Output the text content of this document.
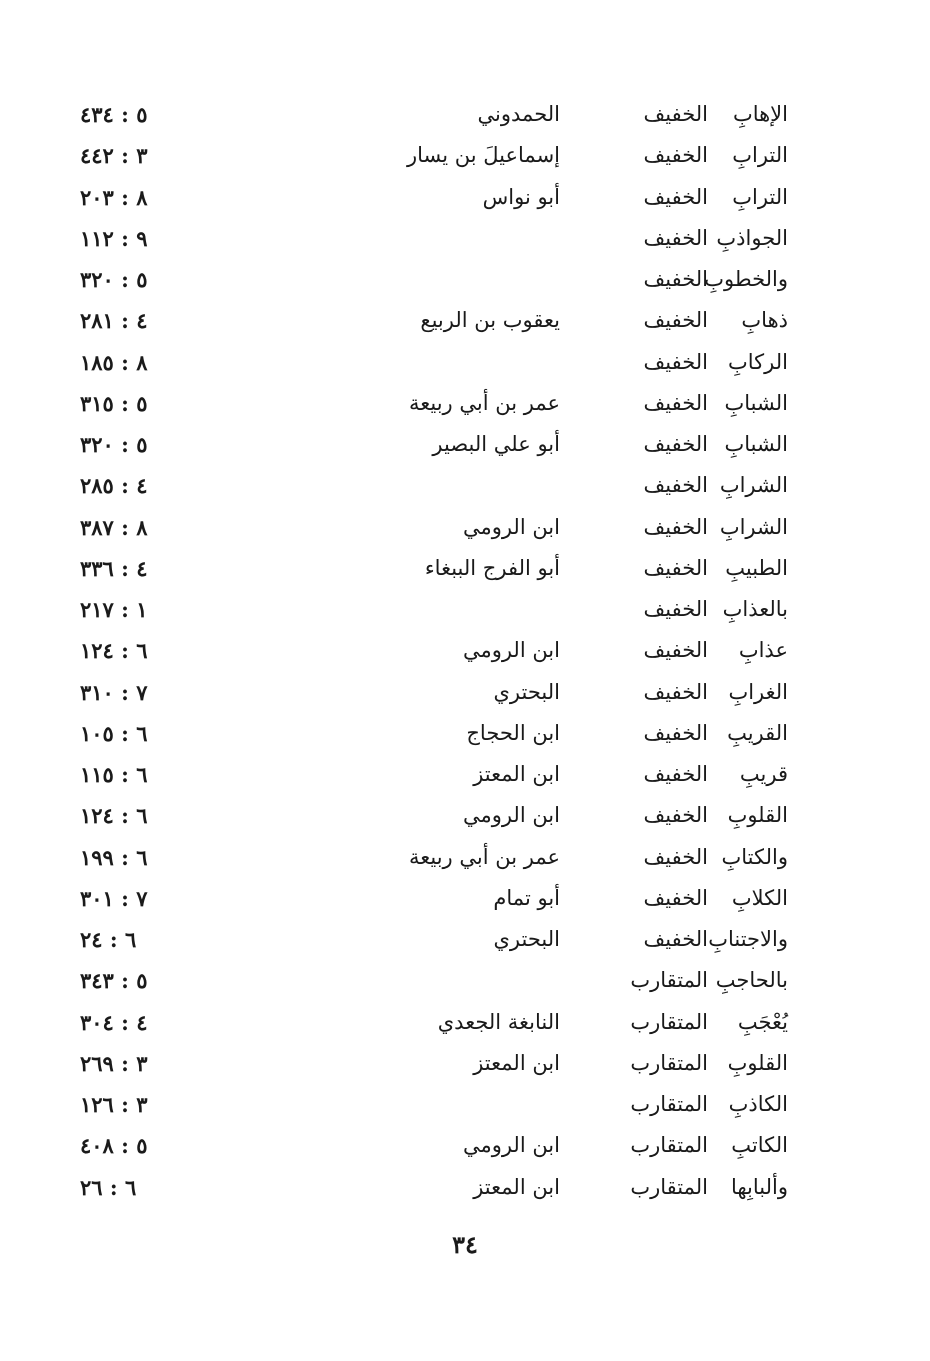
الإهابِ
الخفيف
الحمدوني
٥ : ٤٣٤
الترابِ
الخفيف
إسماعيلَ بن يسار
٣ : ٤٤٢
الترابِ
الخفيف
أبو نواس
٨ : ٢٠٣
الجواذبِ
الخفيف
٩ : ١١٢
والخطوبِ
الخفيف
٥ : ٣٢٠
ذهابِ
الخفيف
يعقوب بن الربيع
٤ : ٢٨١
الركابِ
الخفيف
٨ : ١٨٥
الشبابِ
الخفيف
عمر بن أبي ربيعة
٥ : ٣١٥
الشبابِ
الخفيف
أبو علي البصير
٥ : ٣٢٠
الشرابِ
الخفيف
٤ : ٢٨٥
الشرابِ
الخفيف
ابن الرومي
٨ : ٣٨٧
الطبيبِ
الخفيف
أبو الفرج الببغاء
٤ : ٣٣٦
بالعذابِ
الخفيف
١ : ٢١٧
عذابِ
الخفيف
ابن الرومي
٦ : ١٢٤
الغرابِ
الخفيف
البحتري
٧ : ٣١٠
القريبِ
الخفيف
ابن الحجاج
٦ : ١٠٥
قريبِ
الخفيف
ابن المعتز
٦ : ١١٥
القلوبِ
الخفيف
ابن الرومي
٦ : ١٢٤
والكتابِ
الخفيف
عمر بن أبي ربيعة
٦ : ١٩٩
الكلابِ
الخفيف
أبو تمام
٧ : ٣٠١
والاجتنابِ
الخفيف
البحتري
٦ : ٢٤
بالحاجبِ
المتقارب
٥ : ٣٤٣
يُعْجَبِ
المتقارب
النابغة الجعدي
٤ : ٣٠٤
القلوبِ
المتقارب
ابن المعتز
٣ : ٢٦٩
الكاذبِ
المتقارب
٣ : ١٢٦
الكاتبِ
المتقارب
ابن الرومي
٥ : ٤٠٨
وألبابِها
المتقارب
ابن المعتز
٦ : ٢٦
٣٤
